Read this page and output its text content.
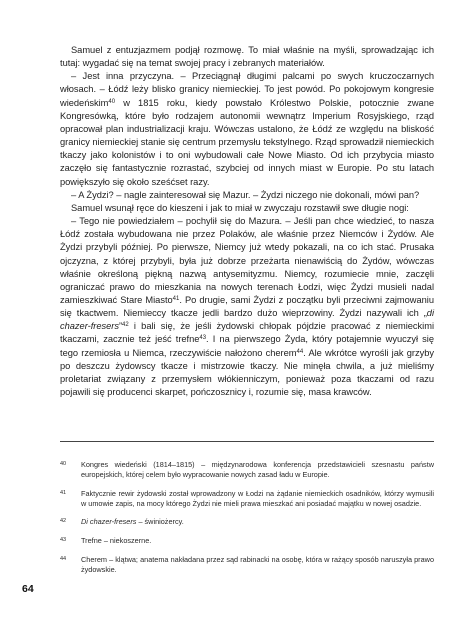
Samuel z entuzjazmem podjął rozmowę. To miał właśnie na myśli, sprowadzając ich tutaj: wygadać się na temat swojej pracy i zebranych materiałów.

– Jest inna przyczyna. – Przeciągnął długimi palcami po swych kruczoczarnych włosach. – Łódź leży blisko granicy niemieckiej. To jest powód. Po pokojowym kongresie wiedeńskim$^{40}$ w 1815 roku, kiedy powstało Królestwo Polskie, potocznie zwane Kongresówką, które było rodzajem autonomii wewnątrz Imperium Rosyjskiego, rząd opracował plan industrializacji kraju. Wówczas ustalono, że Łódź ze względu na bliskość granicy niemieckiej stanie się centrum przemysłu tekstylnego. Rząd sprowadził niemieckich tkaczy jako kolonistów i to oni wybudowali całe Nowe Miasto. Od ich przybycia miasto zaczęło się fantastycznie rozrastać, szybciej od innych miast w Europie. Po stu latach powiększyło się około sześćset razy.

– A Żydzi? – nagle zainteresował się Mazur. – Żydzi niczego nie dokonali, mówi pan?

Samuel wsunął ręce do kieszeni i jak to miał w zwyczaju rozstawił swe długie nogi:

– Tego nie powiedziałem – pochylił się do Mazura. – Jeśli pan chce wiedzieć, to nasza Łódź została wybudowana nie przez Polaków, ale właśnie przez Niemców i Żydów. Ale Żydzi przybyli później. Po pierwsze, Niemcy już wtedy pokazali, na co ich stać. Prusaka ojczyzna, z której przybyli, była już dobrze przeżarta nienawiścią do Żydów, wówczas właśnie określoną piękną nazwą antysemityzmu. Niemcy, rozumiecie mnie, zaczęli ograniczać prawo do mieszkania na nowych terenach Łodzi, więc Żydzi musieli nadal zamieszkiwać Stare Miasto$^{41}$. Po drugie, sami Żydzi z początku byli przeciwni zajmowaniu się tkactwem. Niemieccy tkacze jedli bardzo dużo wieprzowiny. Żydzi nazywali ich „di chazer-fresers”$^{42}$ i bali się, że jeśli żydowski chłopak pójdzie pracować z niemieckimi tkaczami, zacznie też jeść trefne$^{43}$. I na pierwszego Żyda, który potajemnie wyuczył się tego rzemiosła u Niemca, rzeczywiście nałożono cherem$^{44}$. Ale wkrótce wyrośli jak grzyby po deszczu żydowscy tkacze i mistrzowie tkaczy. Nie minęła chwila, a już mieliśmy proletariat związany z przemysłem włókienniczym, ponieważ poza tkaczami od razu pojawili się producenci skarpet, pończosznicy i, rozumie się, masa krawców.

40	Kongres wiedeński (1814–1815) – międzynarodowa konferencja przedstawicieli szesnastu państw europejskich, której celem było wypracowanie nowych zasad ładu w Europie.
41	Faktycznie rewir żydowski został wprowadzony w Łodzi na żądanie niemieckich osadników, którzy wymusili w umowie zapis, na mocy którego Żydzi nie mieli prawa mieszkać ani posiadać majątku w nowej osadzie.
42	Di chazer-fresers – świniożercy.
43	Trefne – niekoszerne.
44	Cherem – klątwa; anatema nakładana przez sąd rabinacki na osobę, która w rażący sposób naruszyła prawo żydowskie.
64
